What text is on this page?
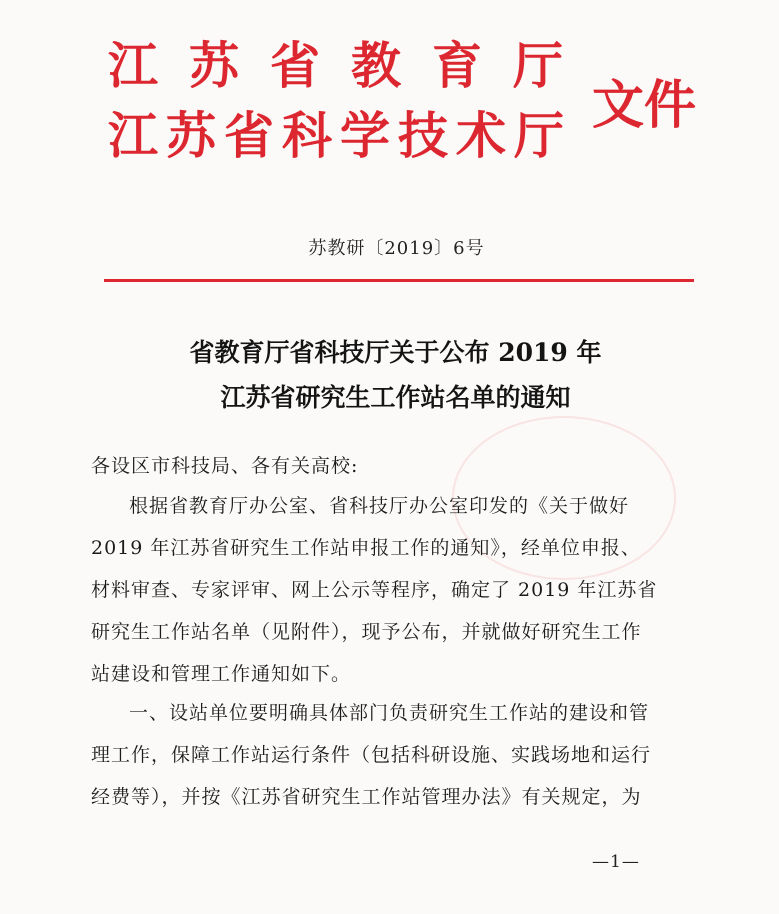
江苏省教育厅
江苏省科学技术厅 文件
苏教研〔2019〕6号
省教育厅省科技厅关于公布 2019 年
江苏省研究生工作站名单的通知
各设区市科技局、各有关高校:
根据省教育厅办公室、省科技厅办公室印发的《关于做好
2019 年江苏省研究生工作站申报工作的通知》，经单位申报、
材料审查、专家评审、网上公示等程序，确定了 2019 年江苏省
研究生工作站名单（见附件），现予公布，并就做好研究生工作
站建设和管理工作通知如下。
一、设站单位要明确具体部门负责研究生工作站的建设和管
理工作，保障工作站运行条件（包括科研设施、实践场地和运行
经费等），并按《江苏省研究生工作站管理办法》有关规定，为
—1—
